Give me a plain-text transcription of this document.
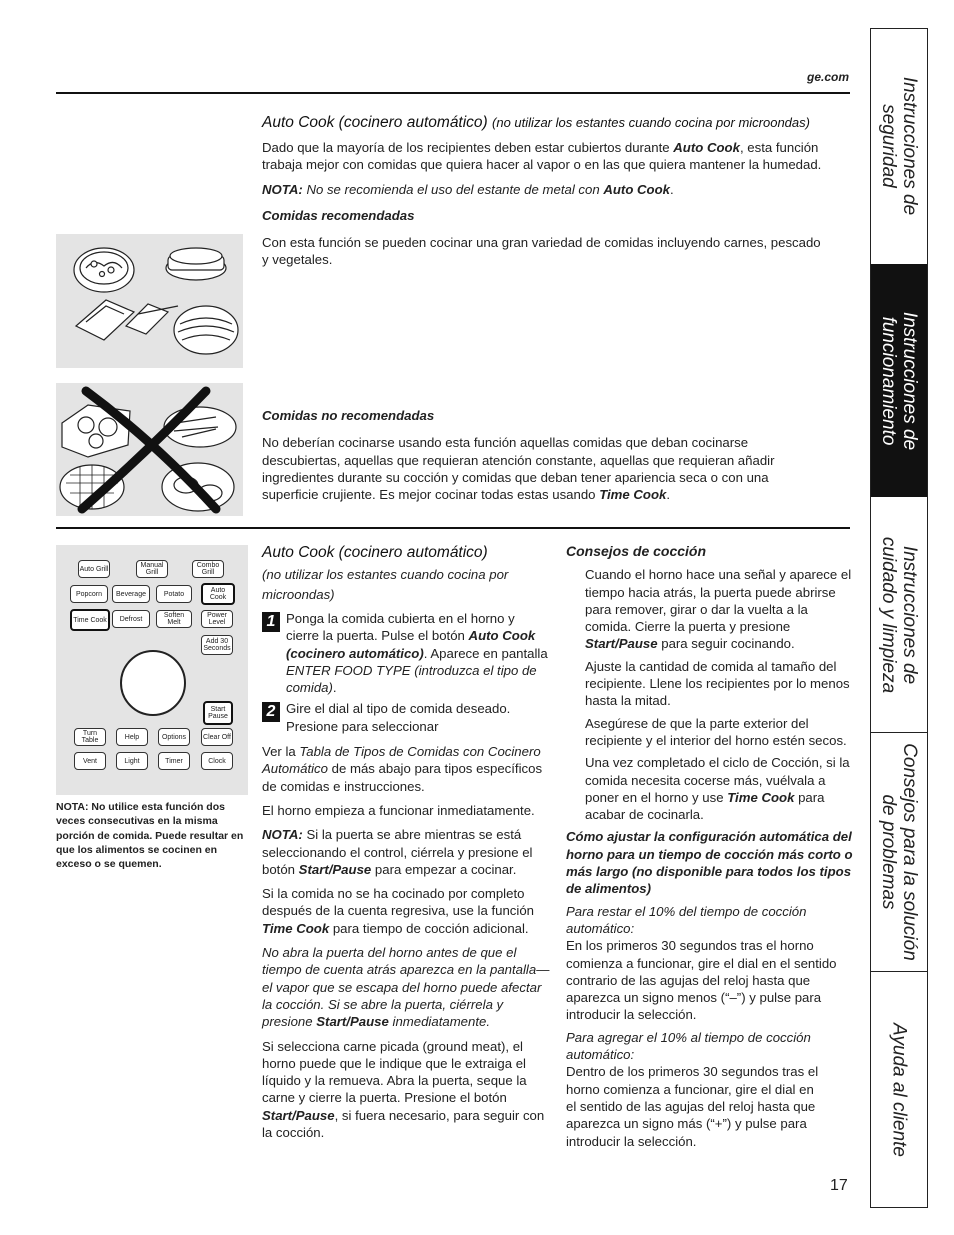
ge.com
Auto Cook (cocinero automático) (no utilizar los estantes cuando cocina por microondas)

Dado que la mayoría de los recipientes deben estar cubiertos durante Auto Cook, esta función trabaja mejor con comidas que quiera hacer al vapor o en las que quiera mantener la humedad.

NOTA: No se recomienda el uso del estante de metal con Auto Cook.

Comidas recomendadas

Con esta función se pueden cocinar una gran variedad de comidas incluyendo carnes, pescado y vegetales.

Comidas no recomendadas

No deberían cocinarse usando esta función aquellas comidas que deban cocinarse descubiertas, aquellas que requieran atención constante, aquellas que requieran añadir ingredientes durante su cocción y comidas que deban tener apariencia seca o con una superficie crujiente. Es mejor cocinar todas estas usando Time Cook.

Auto Grill	Manual Grill
Combo Grill
Popcorn	Beverage	Potato	Auto Cook
Time Cook	Defrost	Soften Melt
Power Level
Add 30 Seconds
Start Pause
Turn Table	Help	Options	Clear Off
Vent	Light	Timer	Clock
NOTA: No utilice esta función dos veces consecutivas en la misma porción de comida. Puede resultar en que los alimentos se cocinen en exceso o se quemen.
Auto Cook (cocinero automático)

(no utilizar los estantes cuando cocina por microondas)

1 Ponga la comida cubierta en el horno y cierre la puerta. Pulse el botón Auto Cook (cocinero automático). Aparece en pantalla ENTER FOOD TYPE (introduzca el tipo de comida).
2 Gire el dial al tipo de comida deseado. Presione para seleccionar

Ver la Tabla de Tipos de Comidas con Cocinero Automático de más abajo para tipos específicos de comidas e instrucciones.

El horno empieza a funcionar inmediatamente.

NOTA: Si la puerta se abre mientras se está seleccionando el control, ciérrela y presione el botón Start/Pause para empezar a cocinar.

Si la comida no se ha cocinado por completo después de la cuenta regresiva, use la función Time Cook para tiempo de cocción adicional.

No abra la puerta del horno antes de que el tiempo de cuenta atrás aparezca en la pantalla—el vapor que se escapa del horno puede afectar la cocción. Si se abre la puerta, ciérrela y presione Start/Pause inmediatamente.

Si selecciona carne picada (ground meat), el horno puede que le indique que le extraiga el líquido y la remueva. Abra la puerta, seque la carne y cierre la puerta. Presione el botón Start/Pause, si fuera necesario, para seguir con la cocción.

Consejos de cocción

Cuando el horno hace una señal y aparece el tiempo hacia atrás, la puerta puede abrirse para remover, girar o dar la vuelta a la comida. Cierre la puerta y presione Start/Pause para seguir cocinando.

Ajuste la cantidad de comida al tamaño del recipiente. Llene los recipientes por lo menos hasta la mitad.

Asegúrese de que la parte exterior del recipiente y el interior del horno estén secos.

Una vez completado el ciclo de Cocción, si la comida necesita cocerse más, vuélvala a poner en el horno y use Time Cook para acabar de cocinarla.

Cómo ajustar la configuración automática del horno para un tiempo de cocción más corto o más largo (no disponible para todos los tipos de alimentos)

Para restar el 10% del tiempo de cocción automático:

En los primeros 30 segundos tras el horno comienza a funcionar, gire el dial en el sentido contrario de las agujas del reloj hasta que aparezca un signo menos (“–”) y pulse para introducir la selección.

Para agregar el 10% al tiempo de cocción automático:

Dentro de los primeros 30 segundos tras el horno comienza a funcionar, gire el dial en el sentido de las agujas del reloj hasta que aparezca un signo más (“+”) y pulse para introducir la selección.

17
Instrucciones de seguridad
Instrucciones de funcionamiento
Instrucciones de cuidado y limpieza
Consejos para la solución de problemas
Ayuda al cliente
